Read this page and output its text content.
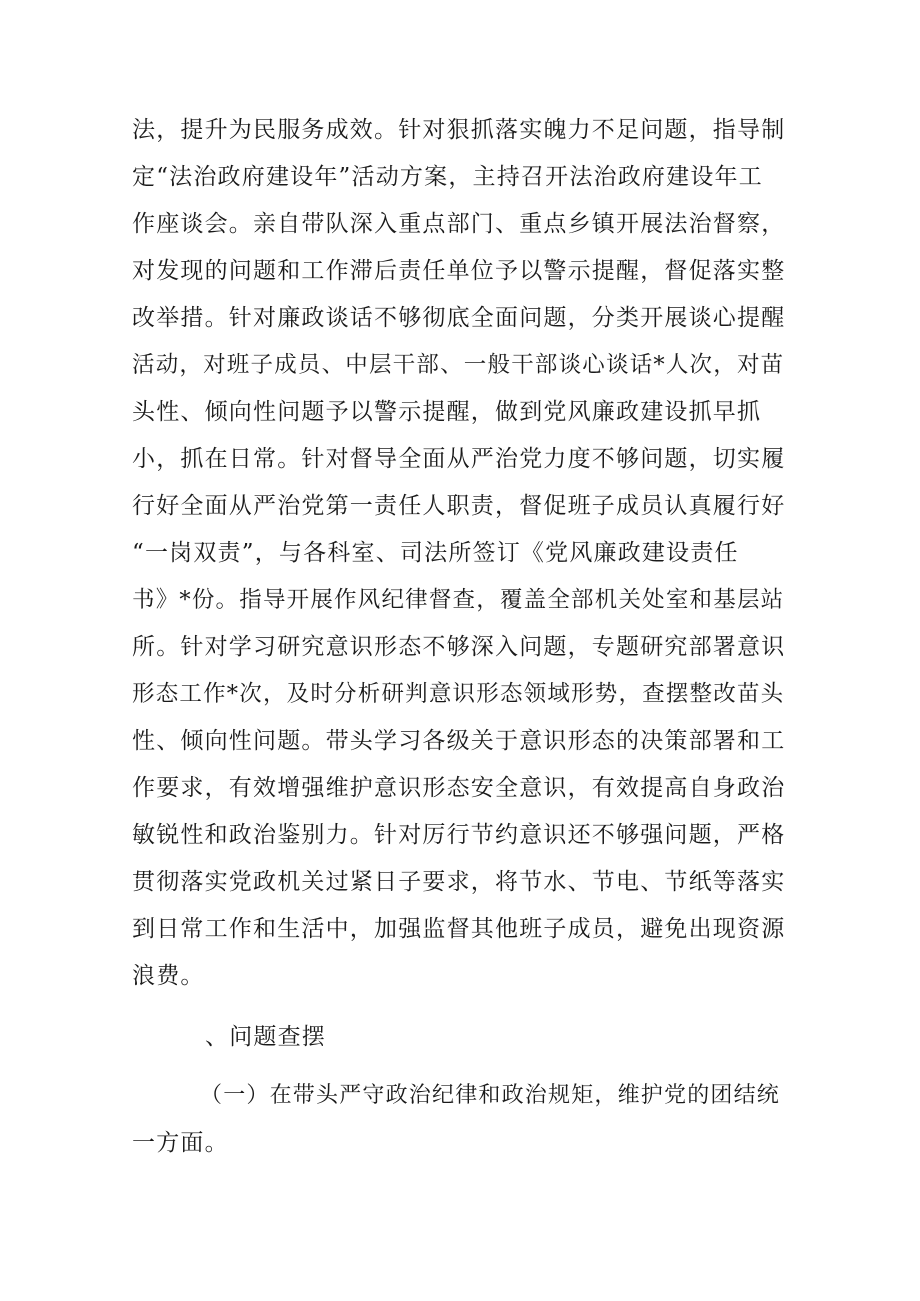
法，提升为民服务成效。针对狠抓落实魄力不足问题，指导制
定“法治政府建设年”活动方案，主持召开法治政府建设年工
作座谈会。亲自带队深入重点部门、重点乡镇开展法治督察，
对发现的问题和工作滞后责任单位予以警示提醒，督促落实整
改举措。针对廉政谈话不够彻底全面问题，分类开展谈心提醒
活动，对班子成员、中层干部、一般干部谈心谈话*人次，对苗
头性、倾向性问题予以警示提醒，做到党风廉政建设抓早抓
小，抓在日常。针对督导全面从严治党力度不够问题，切实履
行好全面从严治党第一责任人职责，督促班子成员认真履行好
“一岗双责”，与各科室、司法所签订《党风廉政建设责任
书》*份。指导开展作风纪律督查，覆盖全部机关处室和基层站
所。针对学习研究意识形态不够深入问题，专题研究部署意识
形态工作*次，及时分析研判意识形态领域形势，查摆整改苗头
性、倾向性问题。带头学习各级关于意识形态的决策部署和工
作要求，有效增强维护意识形态安全意识，有效提高自身政治
敏锐性和政治鉴别力。针对厉行节约意识还不够强问题，严格
贯彻落实党政机关过紧日子要求，将节水、节电、节纸等落实
到日常工作和生活中，加强监督其他班子成员，避免出现资源
浪费。
、问题查摆
（一）在带头严守政治纪律和政治规矩，维护党的团结统
一方面。
